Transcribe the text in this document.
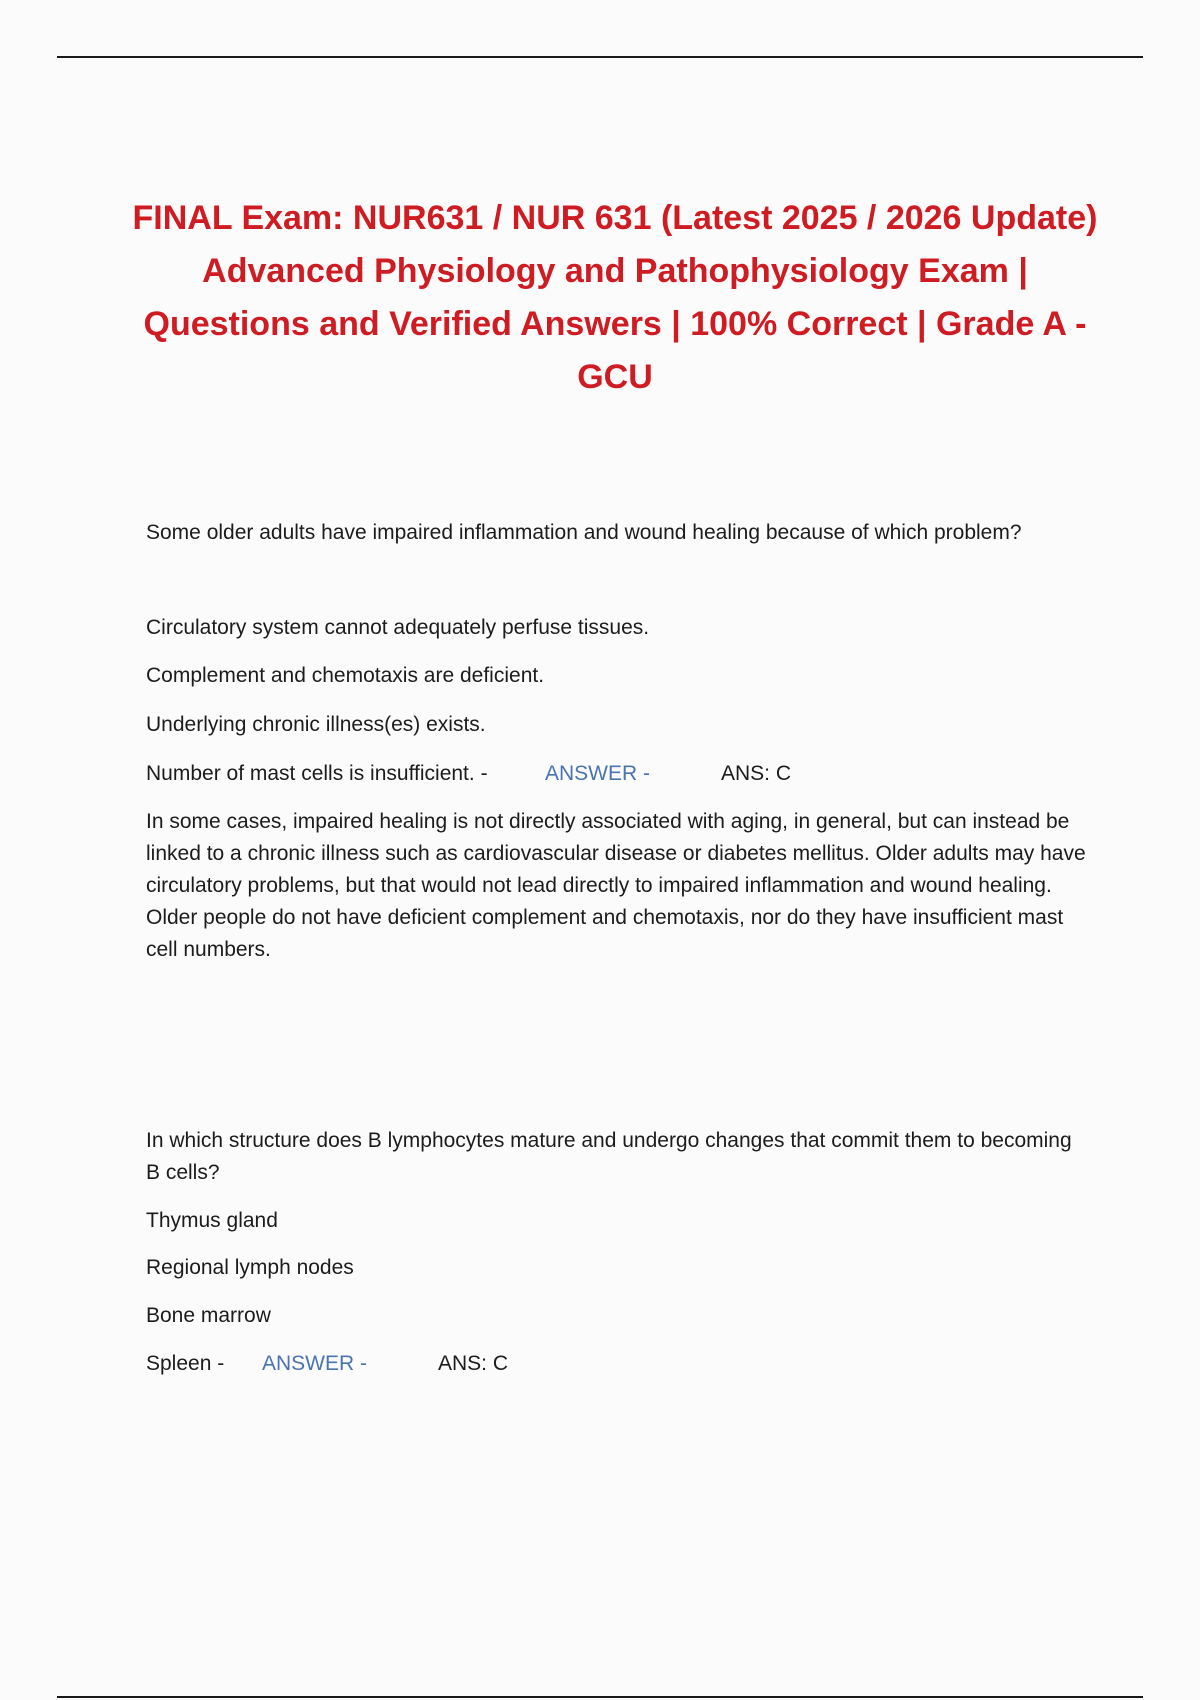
FINAL Exam: NUR631 / NUR 631 (Latest 2025 / 2026 Update) Advanced Physiology and Pathophysiology Exam | Questions and Verified Answers | 100% Correct | Grade A - GCU
Some older adults have impaired inflammation and wound healing because of which problem?
Circulatory system cannot adequately perfuse tissues.
Complement and chemotaxis are deficient.
Underlying chronic illness(es) exists.
Number of mast cells is insufficient. -	ANSWER -	ANS: C
In some cases, impaired healing is not directly associated with aging, in general, but can instead be linked to a chronic illness such as cardiovascular disease or diabetes mellitus. Older adults may have circulatory problems, but that would not lead directly to impaired inflammation and wound healing. Older people do not have deficient complement and chemotaxis, nor do they have insufficient mast cell numbers.
In which structure does B lymphocytes mature and undergo changes that commit them to becoming B cells?
Thymus gland
Regional lymph nodes
Bone marrow
Spleen - ANSWER -	ANS: C
